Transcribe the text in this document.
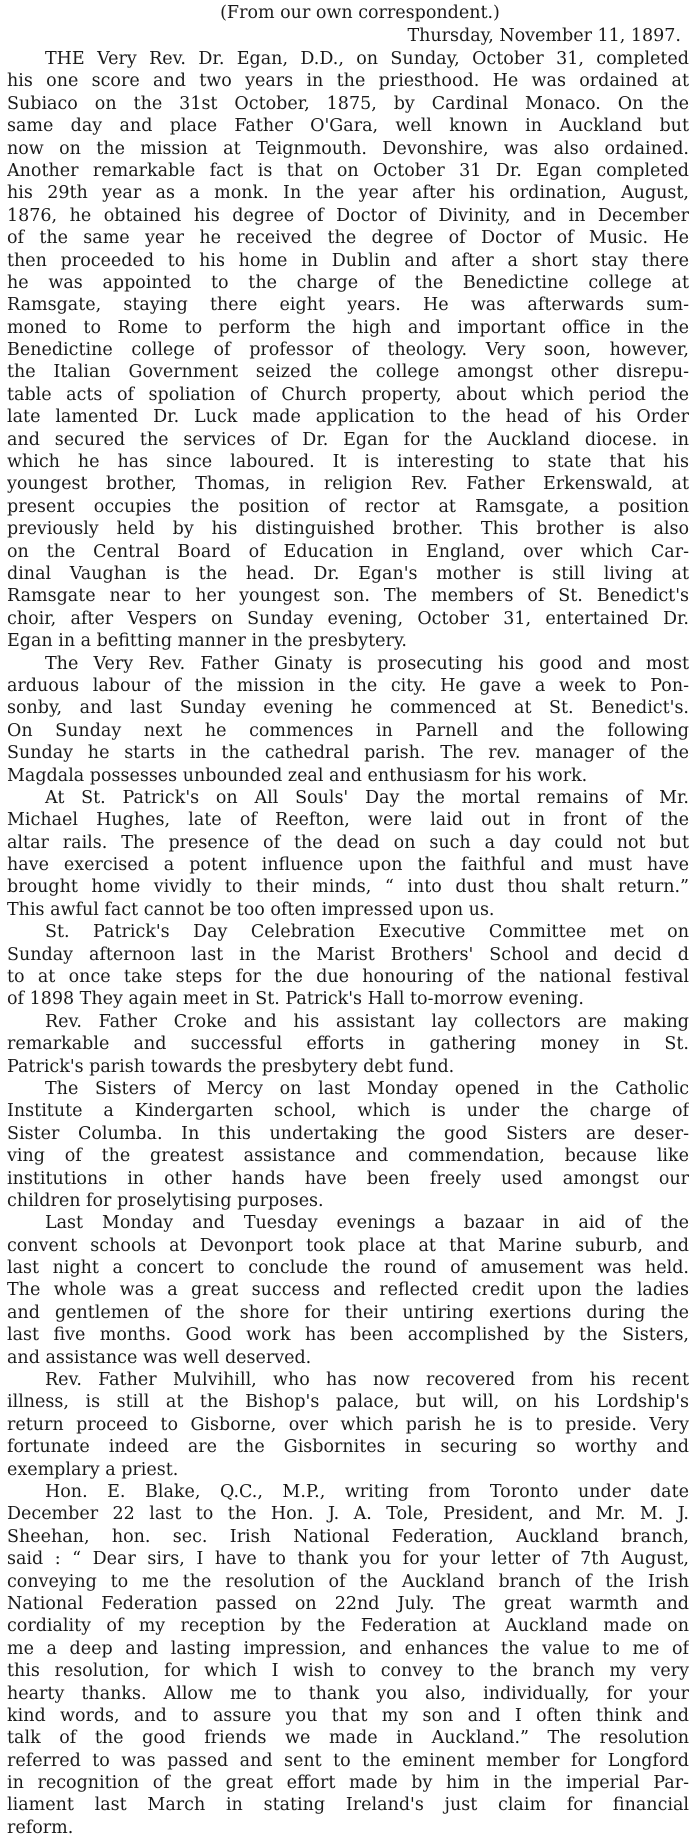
(From our own correspondent.)
Thursday, November 11, 1897.
THE Very Rev. Dr. Egan, D.D., on Sunday, October 31, completed
his one score and two years in the priesthood. He was ordained at
Subiaco on the 31st October, 1875, by Cardinal Monaco. On the
same day and place Father O'Gara, well known in Auckland but
now on the mission at Teignmouth. Devonshire, was also ordained.
Another remarkable fact is that on October 31 Dr. Egan completed
his 29th year as a monk. In the year after his ordination, August,
1876, he obtained his degree of Doctor of Divinity, and in December
of the same year he received the degree of Doctor of Music. He
then proceeded to his home in Dublin and after a short stay there
he was appointed to the charge of the Benedictine college at
Ramsgate, staying there eight years. He was afterwards sum-
moned to Rome to perform the high and important office in the
Benedictine college of professor of theology. Very soon, however,
the Italian Government seized the college amongst other disrepu-
table acts of spoliation of Church property, about which period the
late lamented Dr. Luck made application to the head of his Order
and secured the services of Dr. Egan for the Auckland diocese. in
which he has since laboured. It is interesting to state that his
youngest brother, Thomas, in religion Rev. Father Erkenswald, at
present occupies the position of rector at Ramsgate, a position
previously held by his distinguished brother. This brother is also
on the Central Board of Education in England, over which Car-
dinal Vaughan is the head. Dr. Egan's mother is still living at
Ramsgate near to her youngest son. The members of St. Benedict's
choir, after Vespers on Sunday evening, October 31, entertained Dr.
Egan in a befitting manner in the presbytery.
The Very Rev. Father Ginaty is prosecuting his good and most
arduous labour of the mission in the city. He gave a week to Pon-
sonby, and last Sunday evening he commenced at St. Benedict's.
On Sunday next he commences in Parnell and the following
Sunday he starts in the cathedral parish. The rev. manager of the
Magdala possesses unbounded zeal and enthusiasm for his work.
At St. Patrick's on All Souls' Day the mortal remains of Mr.
Michael Hughes, late of Reefton, were laid out in front of the
altar rails. The presence of the dead on such a day could not but
have exercised a potent influence upon the faithful and must have
brought home vividly to their minds, “ into dust thou shalt return.”
This awful fact cannot be too often impressed upon us.
St. Patrick's Day Celebration Executive Committee met on
Sunday afternoon last in the Marist Brothers' School and decid d
to at once take steps for the due honouring of the national festival
of 1898 They again meet in St. Patrick's Hall to-morrow evening.
Rev. Father Croke and his assistant lay collectors are making
remarkable and successful efforts in gathering money in St.
Patrick's parish towards the presbytery debt fund.
The Sisters of Mercy on last Monday opened in the Catholic
Institute a Kindergarten school, which is under the charge of
Sister Columba. In this undertaking the good Sisters are deser-
ving of the greatest assistance and commendation, because like
institutions in other hands have been freely used amongst our
children for proselytising purposes.
Last Monday and Tuesday evenings a bazaar in aid of the
convent schools at Devonport took place at that Marine suburb, and
last night a concert to conclude the round of amusement was held.
The whole was a great success and reflected credit upon the ladies
and gentlemen of the shore for their untiring exertions during the
last five months. Good work has been accomplished by the Sisters,
and assistance was well deserved.
Rev. Father Mulvihill, who has now recovered from his recent
illness, is still at the Bishop's palace, but will, on his Lordship's
return proceed to Gisborne, over which parish he is to preside. Very
fortunate indeed are the Gisbornites in securing so worthy and
exemplary a priest.
Hon. E. Blake, Q.C., M.P., writing from Toronto under date
December 22 last to the Hon. J. A. Tole, President, and Mr. M. J.
Sheehan, hon. sec. Irish National Federation, Auckland branch,
said : “ Dear sirs, I have to thank you for your letter of 7th August,
conveying to me the resolution of the Auckland branch of the Irish
National Federation passed on 22nd July. The great warmth and
cordiality of my reception by the Federation at Auckland made on
me a deep and lasting impression, and enhances the value to me of
this resolution, for which I wish to convey to the branch my very
hearty thanks. Allow me to thank you also, individually, for your
kind words, and to assure you that my son and I often think and
talk of the good friends we made in Auckland.” The resolution
referred to was passed and sent to the eminent member for Longford
in recognition of the great effort made by him in the imperial Par-
liament last March in stating Ireland's just claim for financial
reform.
